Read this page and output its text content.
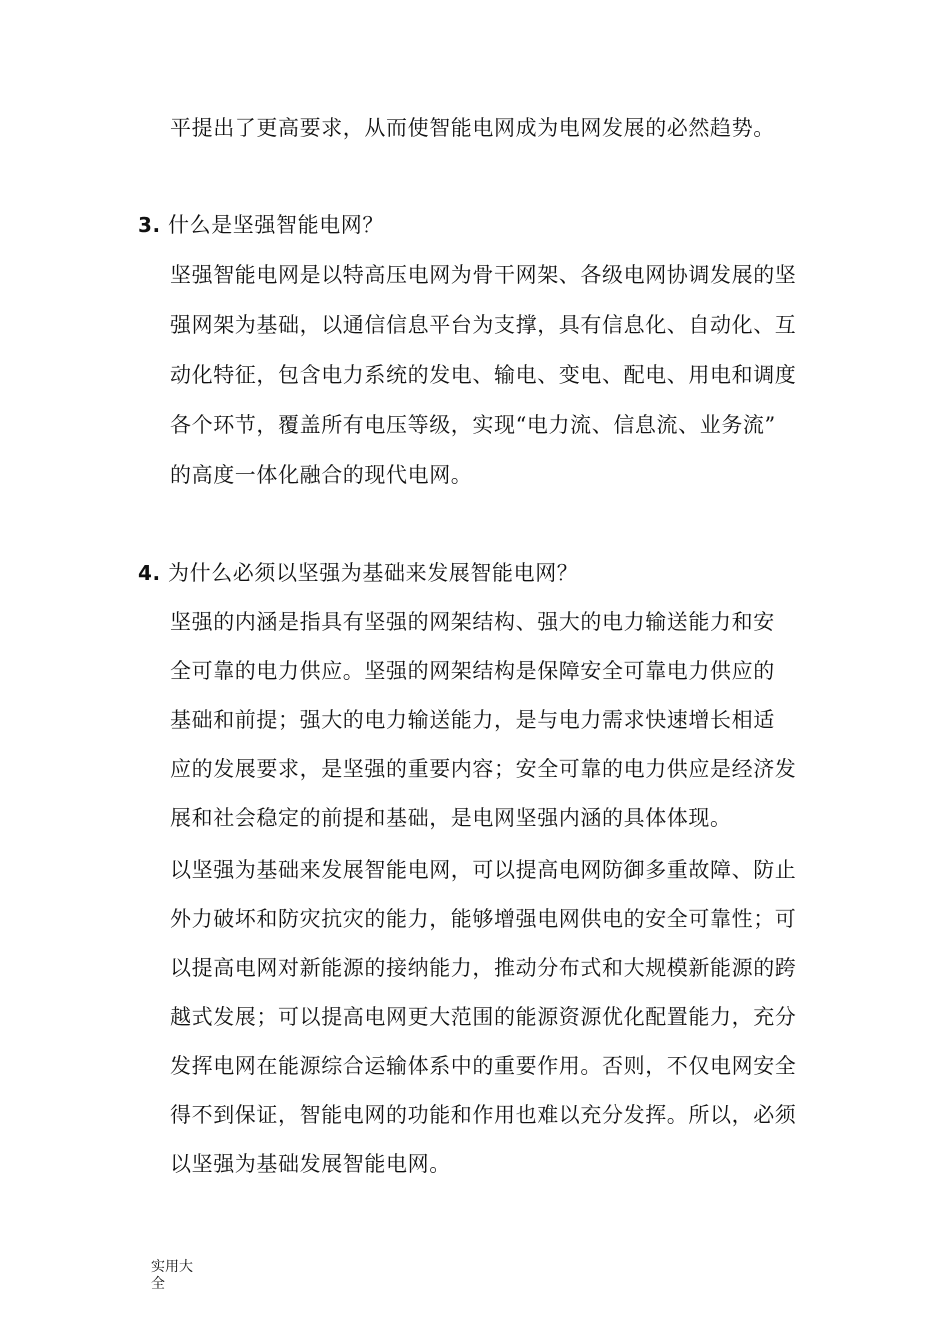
平提出了更高要求，从而使智能电网成为电网发展的必然趋势。
3. 什么是坚强智能电网？
坚强智能电网是以特高压电网为骨干网架、各级电网协调发展的坚
强网架为基础，以通信信息平台为支撑，具有信息化、自动化、互
动化特征，包含电力系统的发电、输电、变电、配电、用电和调度
各个环节，覆盖所有电压等级，实现“电力流、信息流、业务流”
的高度一体化融合的现代电网。
4. 为什么必须以坚强为基础来发展智能电网？
坚强的内涵是指具有坚强的网架结构、强大的电力输送能力和安
全可靠的电力供应。坚强的网架结构是保障安全可靠电力供应的
基础和前提；强大的电力输送能力，是与电力需求快速增长相适
应的发展要求，是坚强的重要内容；安全可靠的电力供应是经济发
展和社会稳定的前提和基础，是电网坚强内涵的具体体现。
以坚强为基础来发展智能电网，可以提高电网防御多重故障、防止
外力破坏和防灾抗灾的能力，能够增强电网供电的安全可靠性；可
以提高电网对新能源的接纳能力，推动分布式和大规模新能源的跨
越式发展；可以提高电网更大范围的能源资源优化配置能力，充分
发挥电网在能源综合运输体系中的重要作用。否则，不仅电网安全
得不到保证，智能电网的功能和作用也难以充分发挥。所以，必须
以坚强为基础发展智能电网。
实用大全
